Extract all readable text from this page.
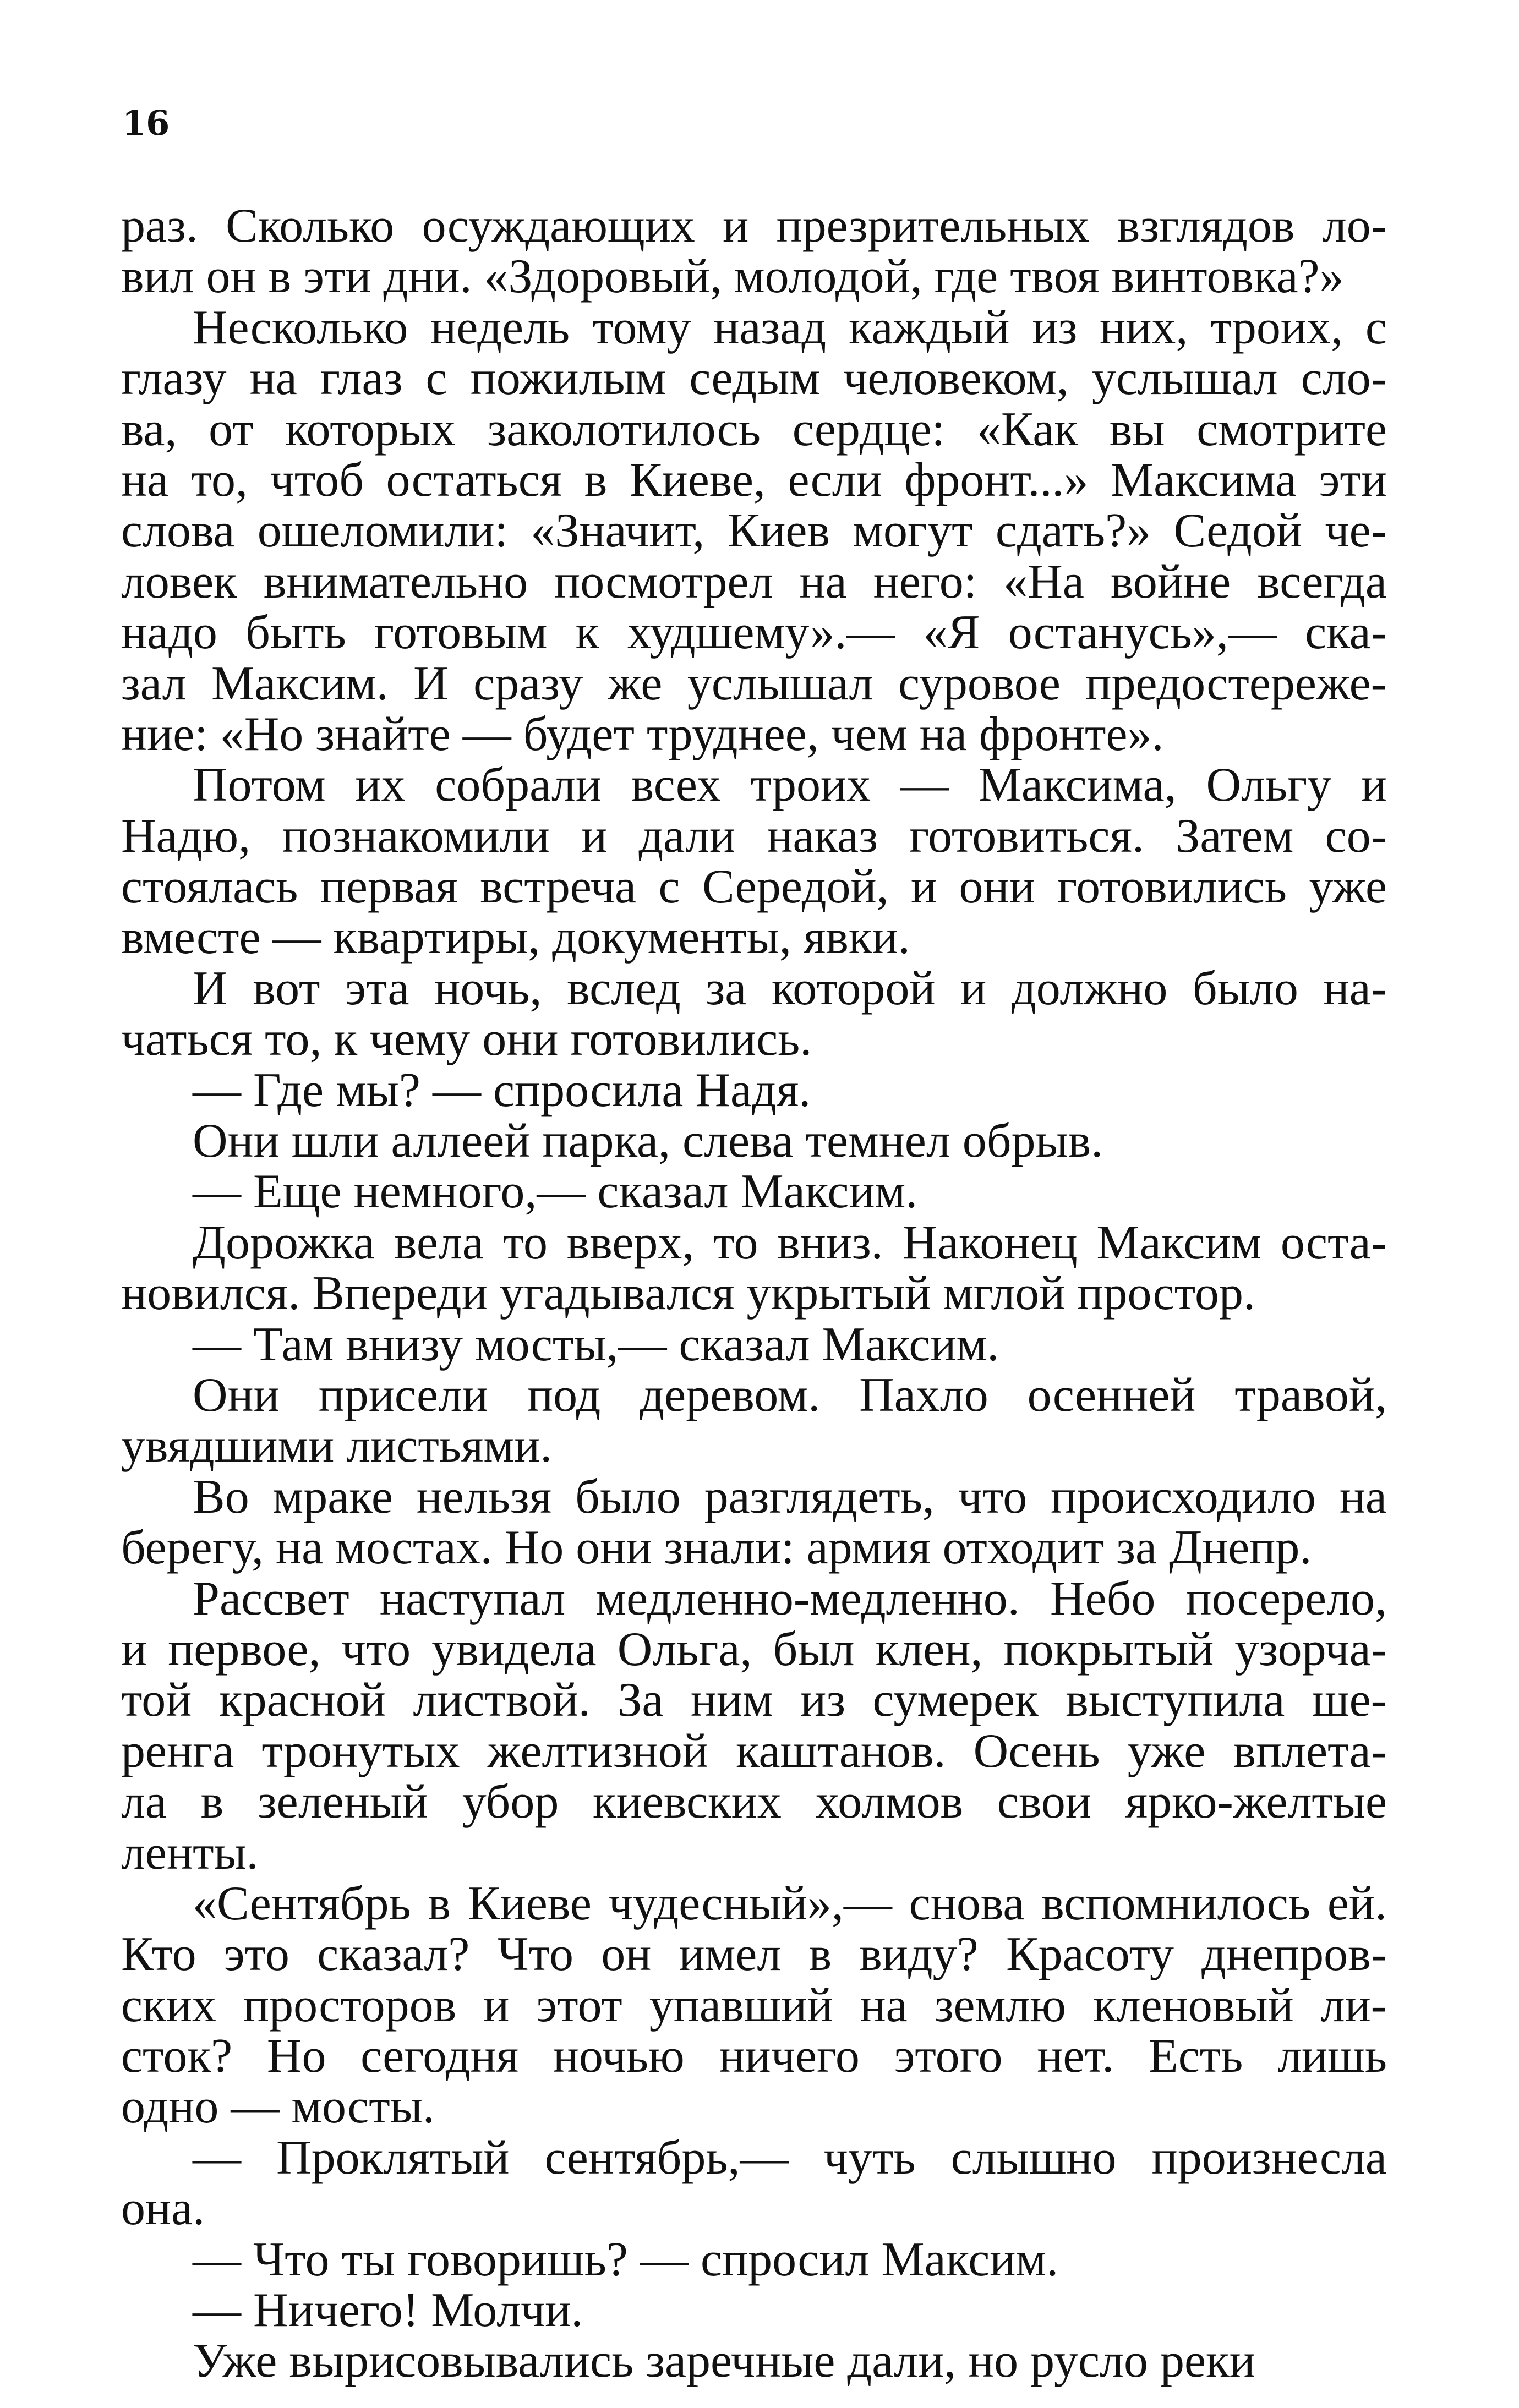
16
раз. Сколько осуждающих и презрительных взглядов ло-
вил он в эти дни. «Здоровый, молодой, где твоя винтовка?»
Несколько недель тому назад каждый из них, троих, с
глазу на глаз с пожилым седым человеком, услышал сло-
ва, от которых заколотилось сердце: «Как вы смотрите
на то, чтоб остаться в Киеве, если фронт...» Максима эти
слова ошеломили: «Значит, Киев могут сдать?» Седой че-
ловек внимательно посмотрел на него: «На войне всегда
надо быть готовым к худшему».— «Я останусь»,— ска-
зал Максим. И сразу же услышал суровое предостереже-
ние: «Но знайте — будет труднее, чем на фронте».
Потом их собрали всех троих — Максима, Ольгу и
Надю, познакомили и дали наказ готовиться. Затем со-
стоялась первая встреча с Середой, и они готовились уже
вместе — квартиры, документы, явки.
И вот эта ночь, вслед за которой и должно было на-
чаться то, к чему они готовились.
— Где мы? — спросила Надя.
Они шли аллеей парка, слева темнел обрыв.
— Еще немного,— сказал Максим.
Дорожка вела то вверх, то вниз. Наконец Максим оста-
новился. Впереди угадывался укрытый мглой простор.
— Там внизу мосты,— сказал Максим.
Они присели под деревом. Пахло осенней травой,
увядшими листьями.
Во мраке нельзя было разглядеть, что происходило на
берегу, на мостах. Но они знали: армия отходит за Днепр.
Рассвет наступал медленно-медленно. Небо посерело,
и первое, что увидела Ольга, был клен, покрытый узорча-
той красной листвой. За ним из сумерек выступила ше-
ренга тронутых желтизной каштанов. Осень уже вплета-
ла в зеленый убор киевских холмов свои ярко-желтые
ленты.
«Сентябрь в Киеве чудесный»,— снова вспомнилось ей.
Кто это сказал? Что он имел в виду? Красоту днепров-
ских просторов и этот упавший на землю кленовый ли-
сток? Но сегодня ночью ничего этого нет. Есть лишь
одно — мосты.
— Проклятый сентябрь,— чуть слышно произнесла
она.
— Что ты говоришь? — спросил Максим.
— Ничего! Молчи.
Уже вырисовывались заречные дали, но русло реки
